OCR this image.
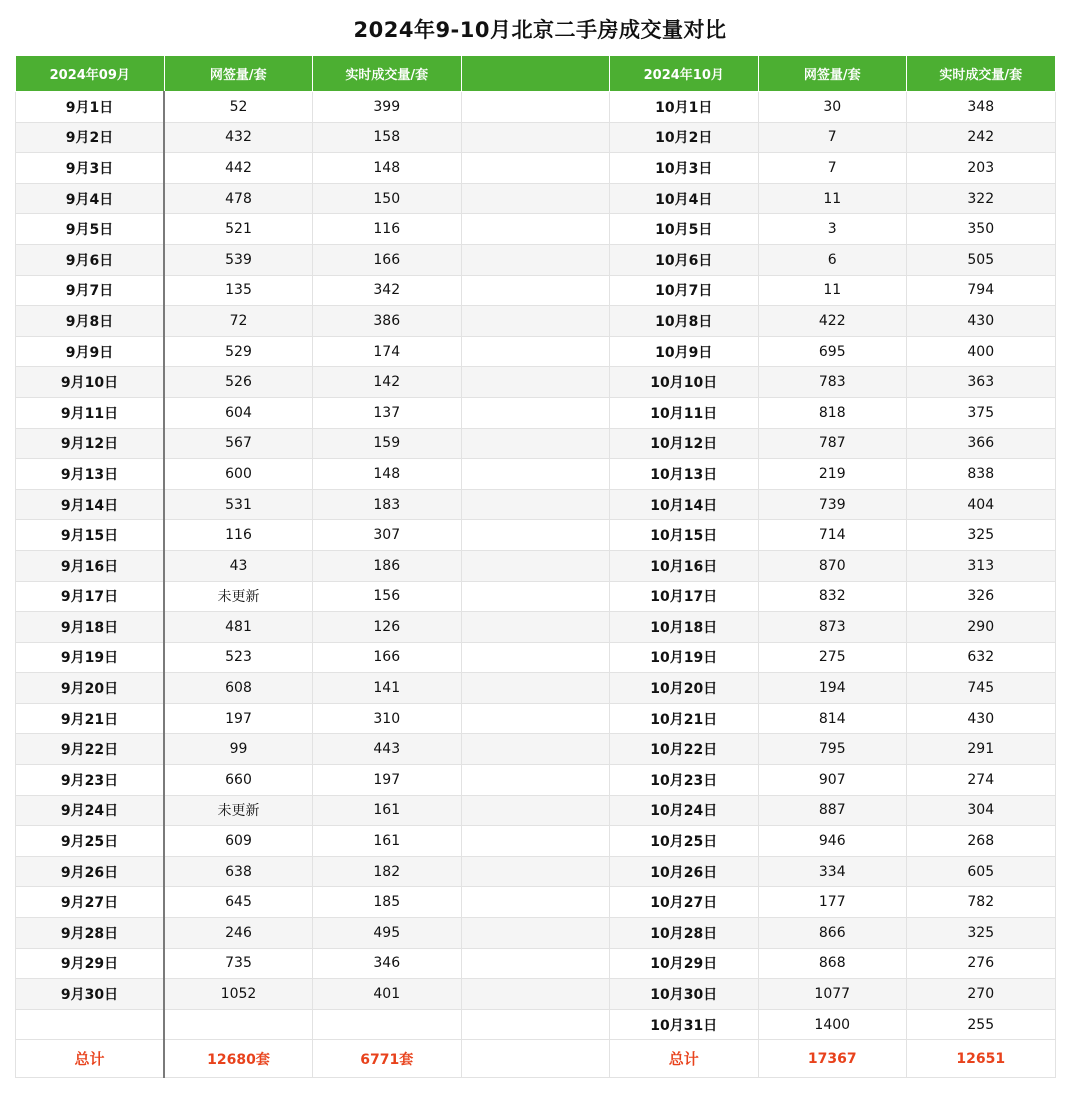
2024年9-10月北京二手房成交量对比
2024年09月	网签量/套	实时成交量/套		2024年10月	网签量/套	实时成交量/套
9月1日	52	399		10月1日	30	348
9月2日	432	158		10月2日	7	242
9月3日	442	148		10月3日	7	203
9月4日	478	150		10月4日	11	322
9月5日	521	116		10月5日	3	350
9月6日	539	166		10月6日	6	505
9月7日	135	342		10月7日	11	794
9月8日	72	386		10月8日	422	430
9月9日	529	174		10月9日	695	400
9月10日	526	142		10月10日	783	363
9月11日	604	137		10月11日	818	375
9月12日	567	159		10月12日	787	366
9月13日	600	148		10月13日	219	838
9月14日	531	183		10月14日	739	404
9月15日	116	307		10月15日	714	325
9月16日	43	186		10月16日	870	313
9月17日	未更新	156		10月17日	832	326
9月18日	481	126		10月18日	873	290
9月19日	523	166		10月19日	275	632
9月20日	608	141		10月20日	194	745
9月21日	197	310		10月21日	814	430
9月22日	99	443		10月22日	795	291
9月23日	660	197		10月23日	907	274
9月24日	未更新	161		10月24日	887	304
9月25日	609	161		10月25日	946	268
9月26日	638	182		10月26日	334	605
9月27日	645	185		10月27日	177	782
9月28日	246	495		10月28日	866	325
9月29日	735	346		10月29日	868	276
9月30日	1052	401		10月30日	1077	270
				10月31日	1400	255
总计	12680套	6771套		总计	17367	12651
